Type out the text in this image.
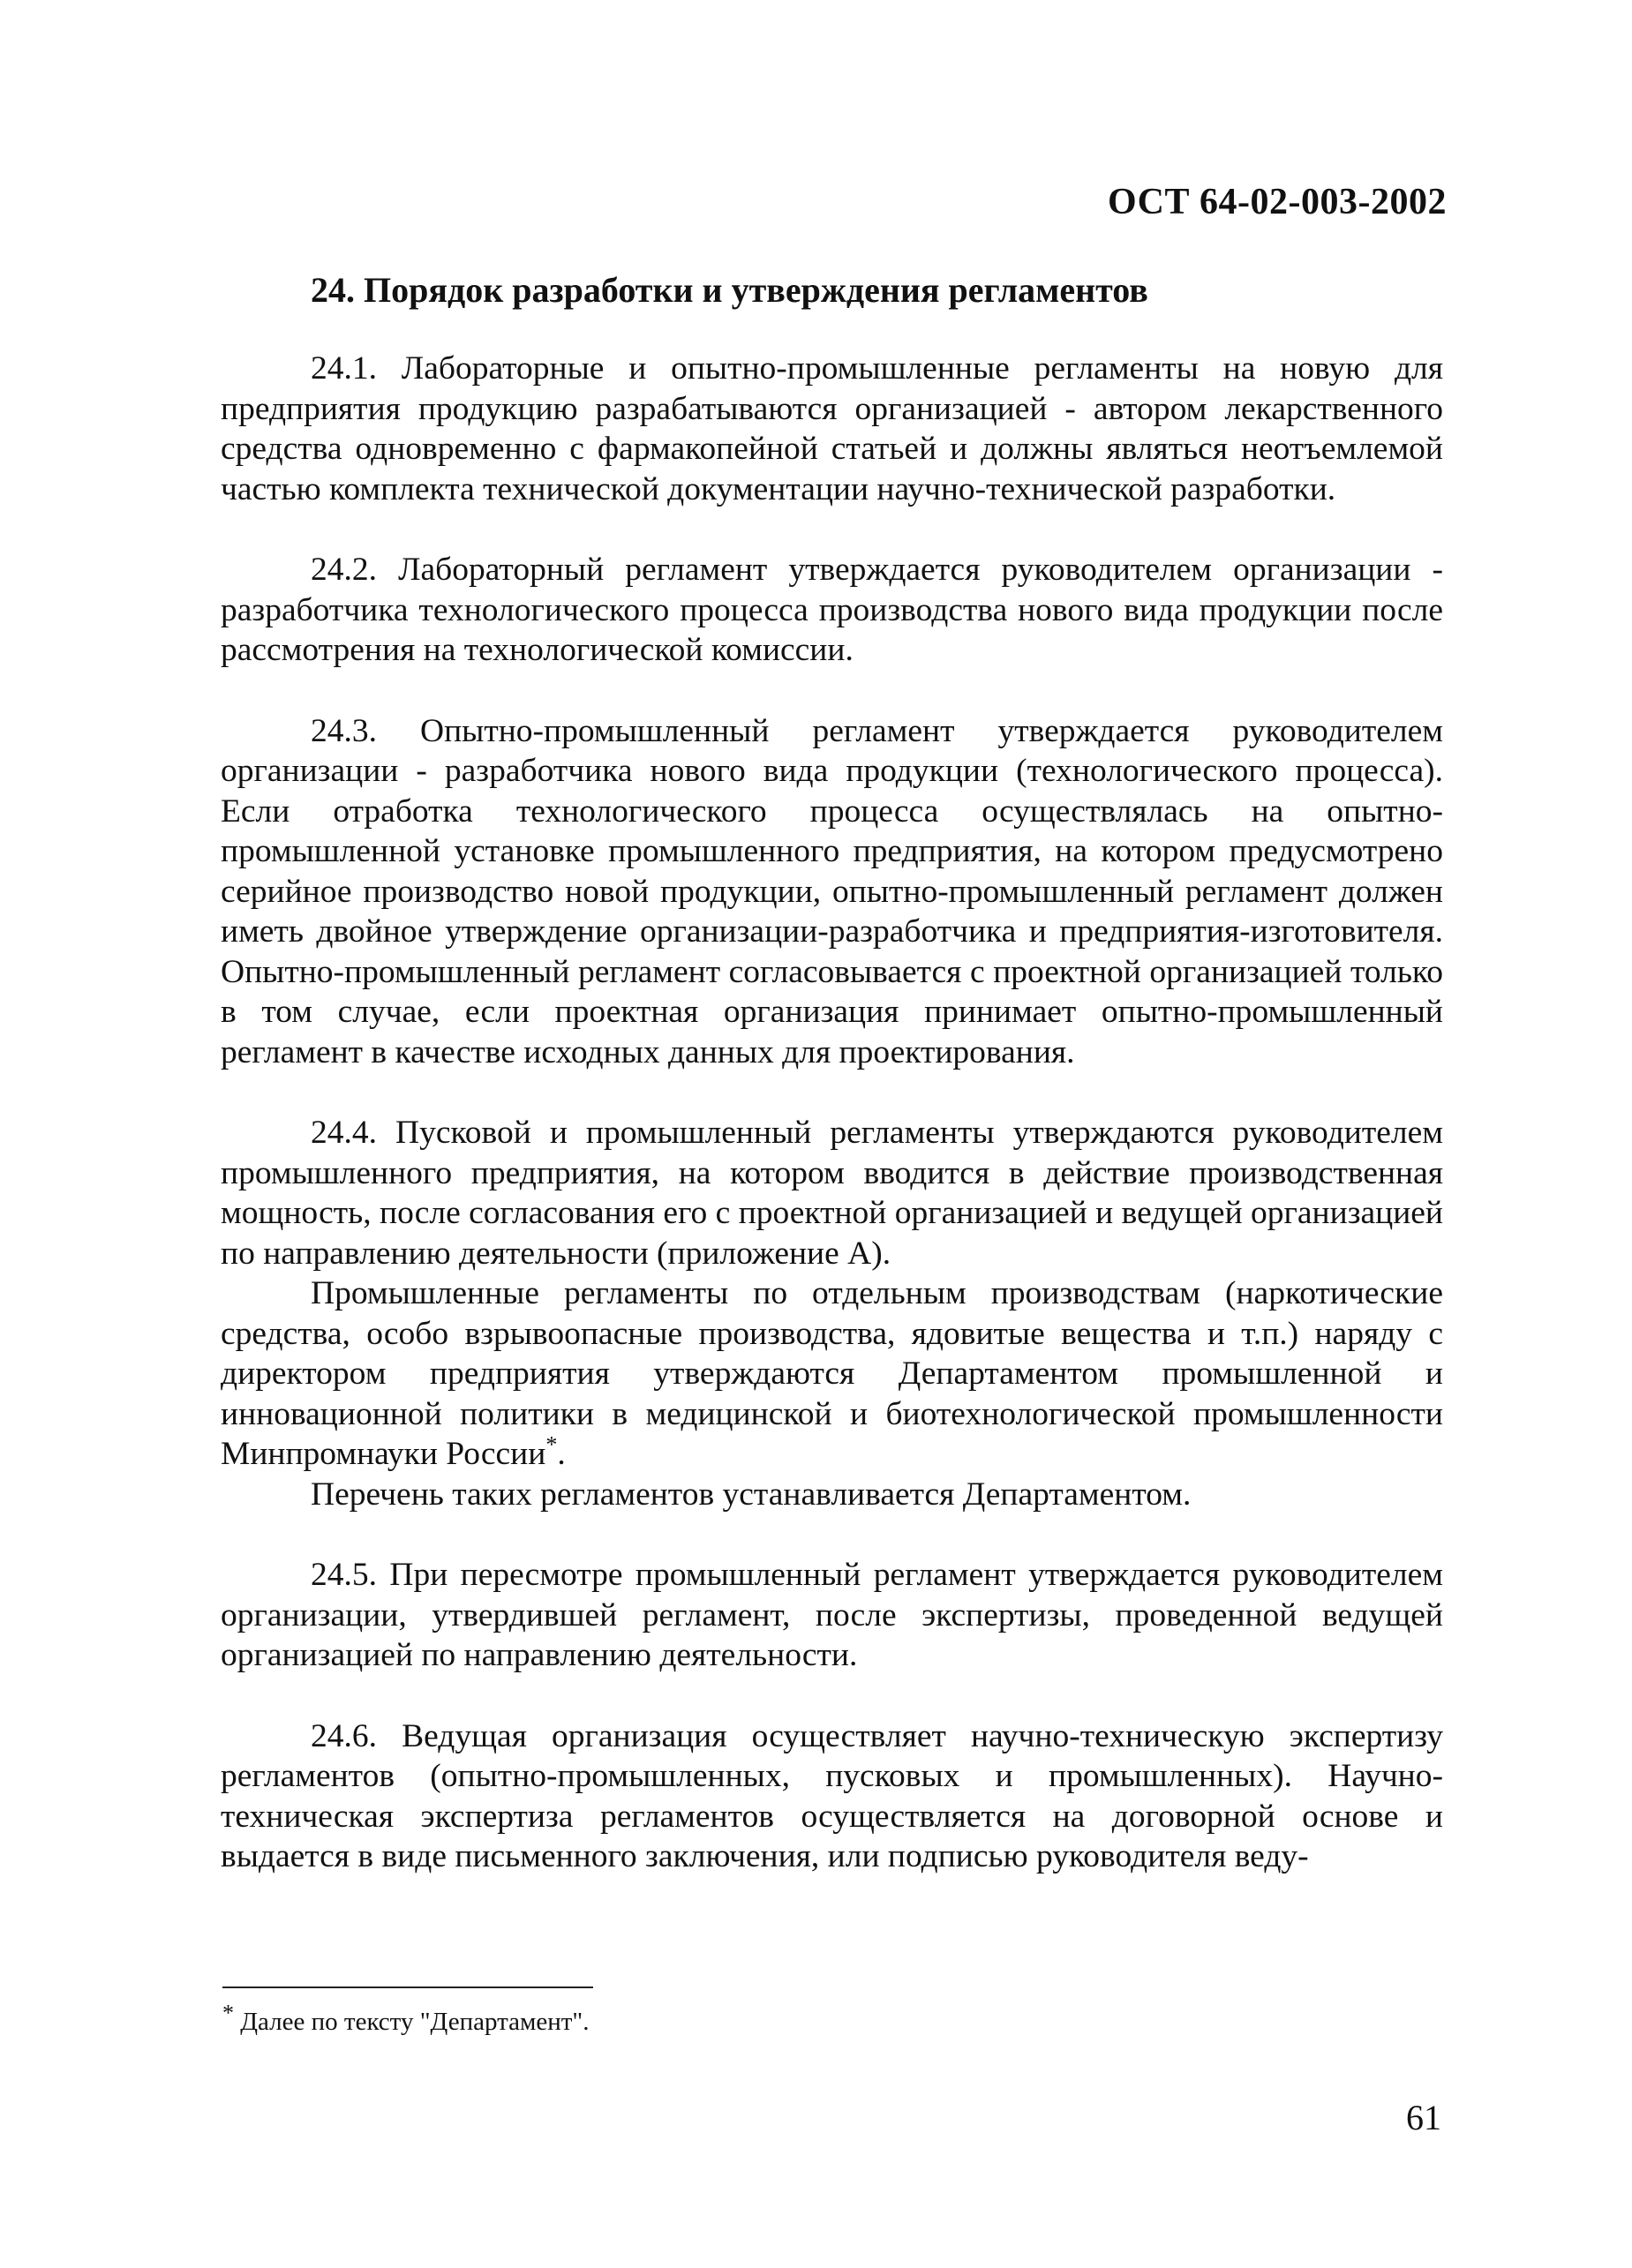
ОСТ 64-02-003-2002
24. Порядок разработки и утверждения регламентов

24.1. Лабораторные и опытно-промышленные регламенты на новую для предприятия продукцию разрабатываются организацией - автором лекарственного средства одновременно с фармакопейной статьей и должны являться неотъемлемой частью комплекта технической документации научно-технической разработки.

24.2. Лабораторный регламент утверждается руководителем организации - разработчика технологического процесса производства нового вида продукции после рассмотрения на технологической комиссии.

24.3. Опытно-промышленный регламент утверждается руководителем организации - разработчика нового вида продукции (технологического процесса). Если отработка технологического процесса осуществлялась на опытно-промышленной установке промышленного предприятия, на котором предусмотрено серийное производство новой продукции, опытно-промышленный регламент должен иметь двойное утверждение организации-разработчика и предприятия-изготовителя. Опытно-промышленный регламент согласовывается с проектной организацией только в том случае, если проектная организация принимает опытно-промышленный регламент в качестве исходных данных для проектирования.

24.4. Пусковой и промышленный регламенты утверждаются руководителем промышленного предприятия, на котором вводится в действие производственная мощность, после согласования его с проектной организацией и ведущей организацией по направлению деятельности (приложение А).

Промышленные регламенты по отдельным производствам (наркотические средства, особо взрывоопасные производства, ядовитые вещества и т.п.) наряду с директором предприятия утверждаются Департаментом промышленной и инновационной политики в медицинской и биотехнологической промышленности Минпромнауки России*.

Перечень таких регламентов устанавливается Департаментом.

24.5. При пересмотре промышленный регламент утверждается руководителем организации, утвердившей регламент, после экспертизы, проведенной ведущей организацией по направлению деятельности.

24.6. Ведущая организация осуществляет научно-техническую экспертизу регламентов (опытно-промышленных, пусковых и промышленных). Научно-техническая экспертиза регламентов осуществляется на договорной основе и выдается в виде письменного заключения, или подписью руководителя веду-

* Далее по тексту "Департамент".
61
